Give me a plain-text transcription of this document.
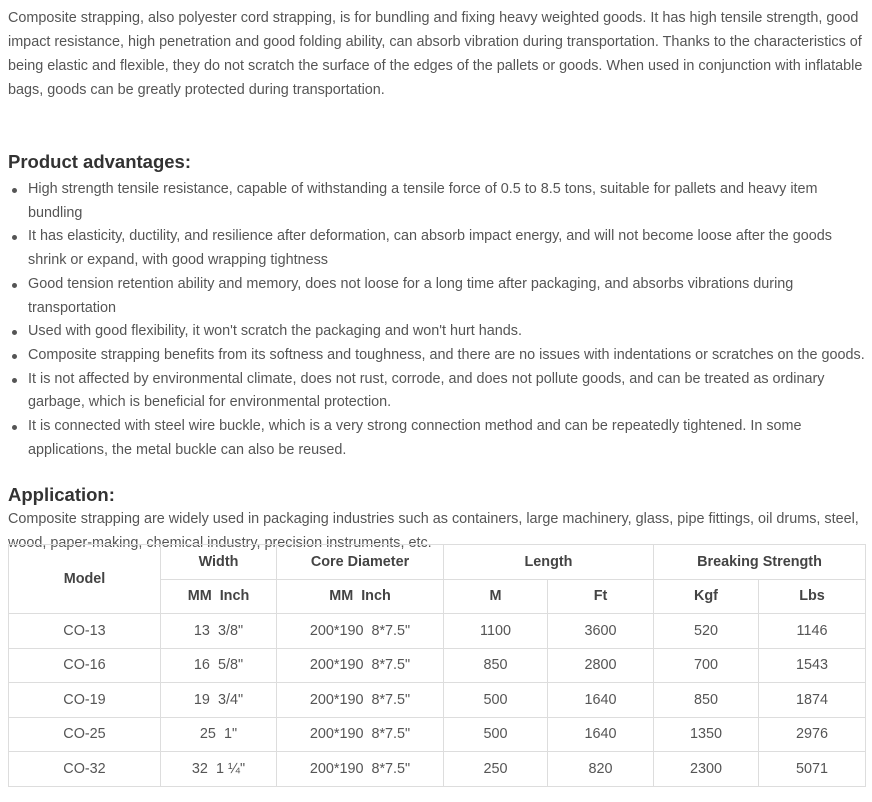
Composite strapping, also polyester cord strapping, is for bundling and fixing heavy weighted goods. It has high tensile strength, good impact resistance, high penetration and good folding ability, can absorb vibration during transportation. Thanks to the characteristics of being elastic and flexible, they do not scratch the surface of the edges of the pallets or goods. When used in conjunction with inflatable bags, goods can be greatly protected during transportation.

Product advantages:
High strength tensile resistance, capable of withstanding a tensile force of 0.5 to 8.5 tons, suitable for pallets and heavy item bundling
It has elasticity, ductility, and resilience after deformation, can absorb impact energy, and will not become loose after the goods shrink or expand, with good wrapping tightness
Good tension retention ability and memory, does not loose for a long time after packaging, and absorbs vibrations during transportation
Used with good flexibility, it won't scratch the packaging and won't hurt hands.
Composite strapping benefits from its softness and toughness, and there are no issues with indentations or scratches on the goods.
It is not affected by environmental climate, does not rust, corrode, and does not pollute goods, and can be treated as ordinary garbage, which is beneficial for environmental protection.
It is connected with steel wire buckle, which is a very strong connection method and can be repeatedly tightened. In some applications, the metal buckle can also be reused.
Application:

Composite strapping are widely used in packaging industries such as containers, large machinery, glass, pipe fittings, oil drums, steel, wood, paper-making, chemical industry, precision instruments, etc.

Model	Width	Core Diameter	Length		Breaking Strength	
	MM Inch	MM Inch	M	Ft	Kgf	Lbs
CO-13	13 3/8"	200*190 8*7.5"	1100	3600	520	1146
CO-16	16 5/8"	200*190 8*7.5"	850	2800	700	1543
CO-19	19 3/4"	200*190 8*7.5"	500	1640	850	1874
CO-25	25 1"	200*190 8*7.5"	500	1640	1350	2976
CO-32	32 1 ¼"	200*190 8*7.5"	250	820	2300	5071
